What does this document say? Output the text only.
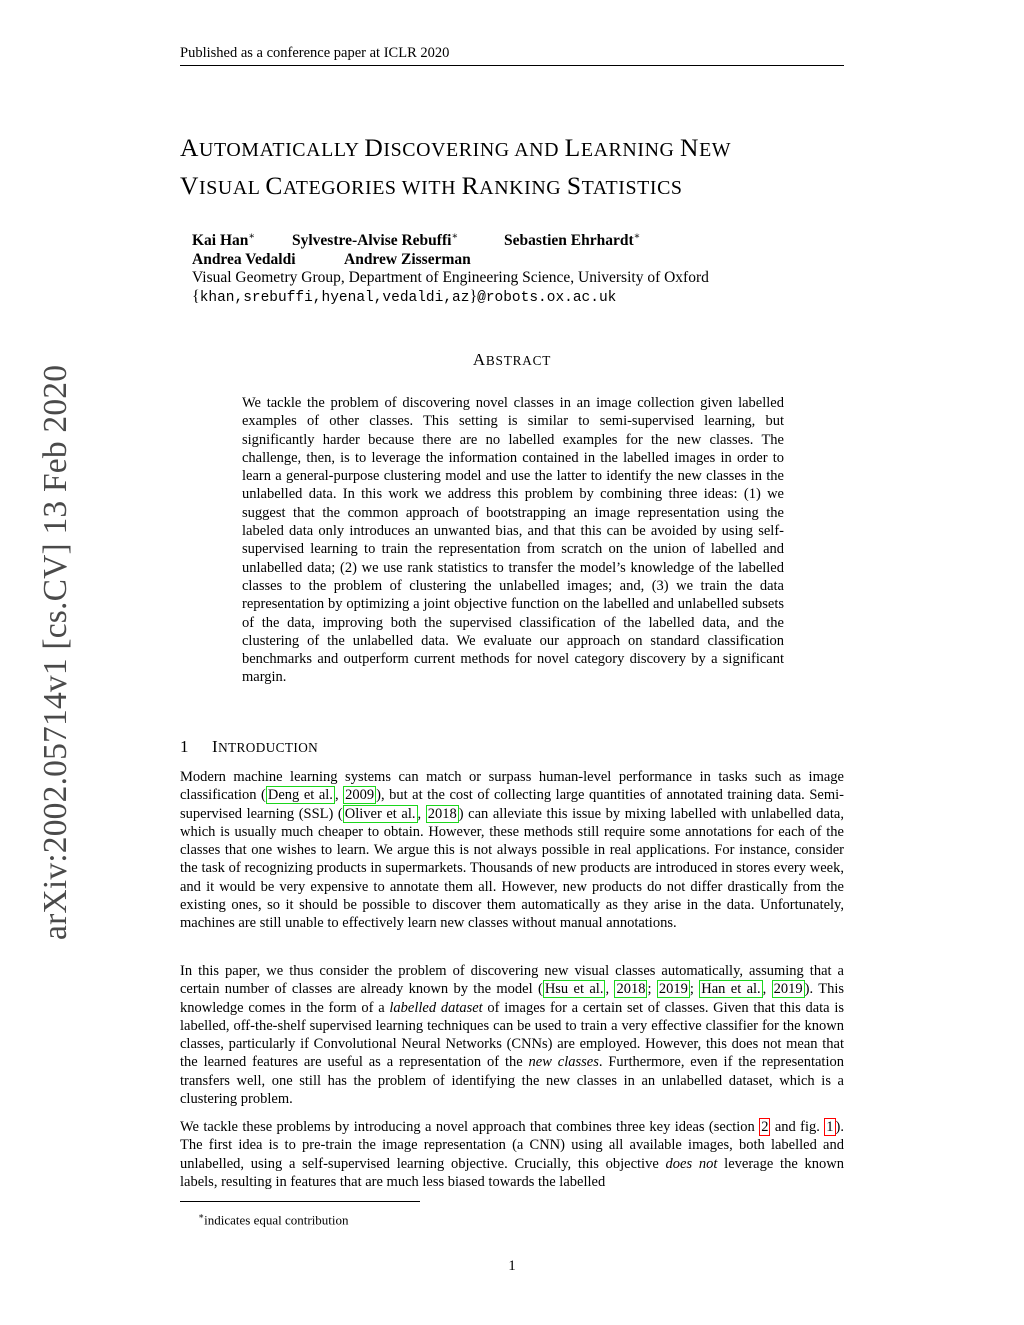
Published as a conference paper at ICLR 2020
arXiv:2002.05714v1 [cs.CV] 13 Feb 2020
AUTOMATICALLY DISCOVERING AND LEARNING NEW
VISUAL CATEGORIES WITH RANKING STATISTICS
Kai Han∗ Sylvestre-Alvise Rebuffi∗	Sebastien Ehrhardt∗
Andrea Vedaldi	Andrew Zisserman
Visual Geometry Group, Department of Engineering Science, University of Oxford
{khan,srebuffi,hyenal,vedaldi,az}@robots.ox.ac.uk
ABSTRACT
We tackle the problem of discovering novel classes in an image collection given labelled examples of other classes. This setting is similar to semi-supervised learning, but significantly harder because there are no labelled examples for the new classes. The challenge, then, is to leverage the information contained in the labelled images in order to learn a general-purpose clustering model and use the latter to identify the new classes in the unlabelled data. In this work we address this problem by combining three ideas: (1) we suggest that the common approach of bootstrapping an image representation using the labeled data only introduces an unwanted bias, and that this can be avoided by using self-supervised learning to train the representation from scratch on the union of labelled and unlabelled data; (2) we use rank statistics to transfer the model’s knowledge of the labelled classes to the problem of clustering the unlabelled images; and, (3) we train the data representation by optimizing a joint objective function on the labelled and unlabelled subsets of the data, improving both the supervised classification of the labelled data, and the clustering of the unlabelled data. We evaluate our approach on standard classification benchmarks and outperform current methods for novel category discovery by a significant margin.
1 INTRODUCTION
Modern machine learning systems can match or surpass human-level performance in tasks such as image classification ( Deng et al. , 2009 ), but at the cost of collecting large quantities of annotated training data. Semi-supervised learning (SSL) ( Oliver et al. , 2018 ) can alleviate this issue by mixing labelled with unlabelled data, which is usually much cheaper to obtain. However, these methods still require some annotations for each of the classes that one wishes to learn. We argue this is not always possible in real applications. For instance, consider the task of recognizing products in supermarkets. Thousands of new products are introduced in stores every week, and it would be very expensive to annotate them all. However, new products do not differ drastically from the existing ones, so it should be possible to discover them automatically as they arise in the data. Unfortunately, machines are still unable to effectively learn new classes without manual annotations.
In this paper, we thus consider the problem of discovering new visual classes automatically, assuming that a certain number of classes are already known by the model ( Hsu et al. , 2018 ; 2019 ; Han et al. , 2019 ). This knowledge comes in the form of a labelled dataset of images for a certain set of classes. Given that this data is labelled, off-the-shelf supervised learning techniques can be used to train a very effective classifier for the known classes, particularly if Convolutional Neural Networks (CNNs) are employed. However, this does not mean that the learned features are useful as a representation of the new classes. Furthermore, even if the representation transfers well, one still has the problem of identifying the new classes in an unlabelled dataset, which is a clustering problem.
We tackle these problems by introducing a novel approach that combines three key ideas (section 2 and fig. 1 ). The first idea is to pre-train the image representation (a CNN) using all available images, both labelled and unlabelled, using a self-supervised learning objective. Crucially, this objective does not leverage the known labels, resulting in features that are much less biased towards the labelled
∗indicates equal contribution
1
